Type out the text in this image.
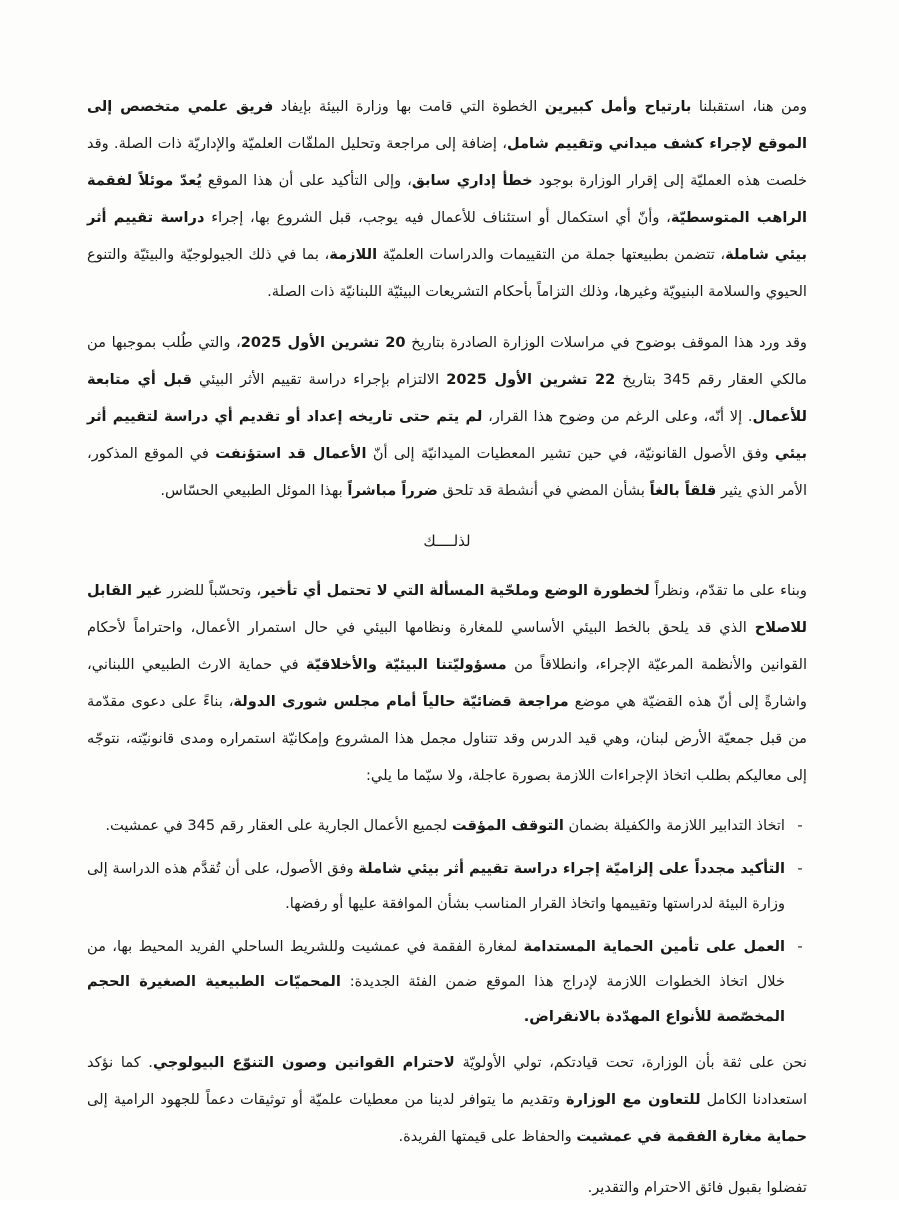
ومن هنا، استقبلنا بارتياح وأمل كبيرين الخطوة التي قامت بها وزارة البيئة بإيفاد فريق علمي متخصص إلى الموقع لإجراء كشف ميداني وتقييم شامل، إضافة إلى مراجعة وتحليل الملفّات العلميّة والإداريّة ذات الصلة. وقد خلصت هذه العمليّة إلى إقرار الوزارة بوجود خطأ إداري سابق، وإلى التأكيد على أن هذا الموقع يُعدّ موئلاً لفقمة الراهب المتوسطيّة، وأنّ أي استكمال أو استئناف للأعمال فيه يوجب، قبل الشروع بها، إجراء دراسة تقييم أثر بيئي شاملة، تتضمن بطبيعتها جملة من التقييمات والدراسات العلميّة اللازمة، بما في ذلك الجيولوجيّة والبيئيّة والتنوع الحيوي والسلامة البنيويّة وغيرها، وذلك التزاماً بأحكام التشريعات البيئيّة اللبنانيّة ذات الصلة.

وقد ورد هذا الموقف بوضوح في مراسلات الوزارة الصادرة بتاريخ 20 تشرين الأول 2025، والتي طُلب بموجبها من مالكي العقار رقم 345 بتاريخ 22 تشرين الأول 2025 الالتزام بإجراء دراسة تقييم الأثر البيئي قبل أي متابعة للأعمال. إلا أنّه، وعلى الرغم من وضوح هذا القرار، لم يتم حتى تاريخه إعداد أو تقديم أي دراسة لتقييم أثر بيئي وفق الأصول القانونيّة، في حين تشير المعطيات الميدانيّة إلى أنّ الأعمال قد استؤنفت في الموقع المذكور، الأمر الذي يثير قلقاً بالغاً بشأن المضي في أنشطة قد تلحق ضرراً مباشراً بهذا الموئل الطبيعي الحسّاس.

لذلــــك

وبناء على ما تقدّم، ونظراً لخطورة الوضع وملحّية المسألة التي لا تحتمل أي تأخير، وتحسّباً للضرر غير القابل للاصلاح الذي قد يلحق بالخط البيئي الأساسي للمغارة ونظامها البيئي في حال استمرار الأعمال، واحتراماً لأحكام القوانين والأنظمة المرعيّة الإجراء، وانطلاقاً من مسؤوليّتنا البيئيّة والأخلاقيّة في حماية الارث الطبيعي اللبناني، واشارةً إلى أنّ هذه القضيّة هي موضع مراجعة قضائيّة حالياً أمام مجلس شورى الدولة، بناءً على دعوى مقدّمة من قبل جمعيّة الأرض لبنان، وهي قيد الدرس وقد تتناول مجمل هذا المشروع وإمكانيّة استمراره ومدى قانونيّته، نتوجّه إلى معاليكم بطلب اتخاذ الإجراءات اللازمة بصورة عاجلة، ولا سيّما ما يلي:

-
اتخاذ التدابير اللازمة والكفيلة بضمان التوقف المؤقت لجميع الأعمال الجارية على العقار رقم 345 في عمشيت.
-
التأكيد مجدداً على إلزاميّة إجراء دراسة تقييم أثر بيئي شاملة وفق الأصول، على أن تُقدَّم هذه الدراسة إلى وزارة البيئة لدراستها وتقييمها واتخاذ القرار المناسب بشأن الموافقة عليها أو رفضها.
-
العمل على تأمين الحماية المستدامة لمغارة الفقمة في عمشيت وللشريط الساحلي الفريد المحيط بها، من خلال اتخاذ الخطوات اللازمة لإدراج هذا الموقع ضمن الفئة الجديدة: المحميّات الطبيعية الصغيرة الحجم المخصّصة للأنواع المهدّدة بالانقراض.

نحن على ثقة بأن الوزارة، تحت قيادتكم، تولي الأولويّة لاحترام القوانين وصون التنوّع البيولوجي. كما نؤكد استعدادنا الكامل للتعاون مع الوزارة وتقديم ما يتوافر لدينا من معطيات علميّة أو توثيقات دعماً للجهود الرامية إلى حماية مغارة الفقمة في عمشيت والحفاظ على قيمتها الفريدة.

تفضلوا بقبول فائق الاحترام والتقدير.
